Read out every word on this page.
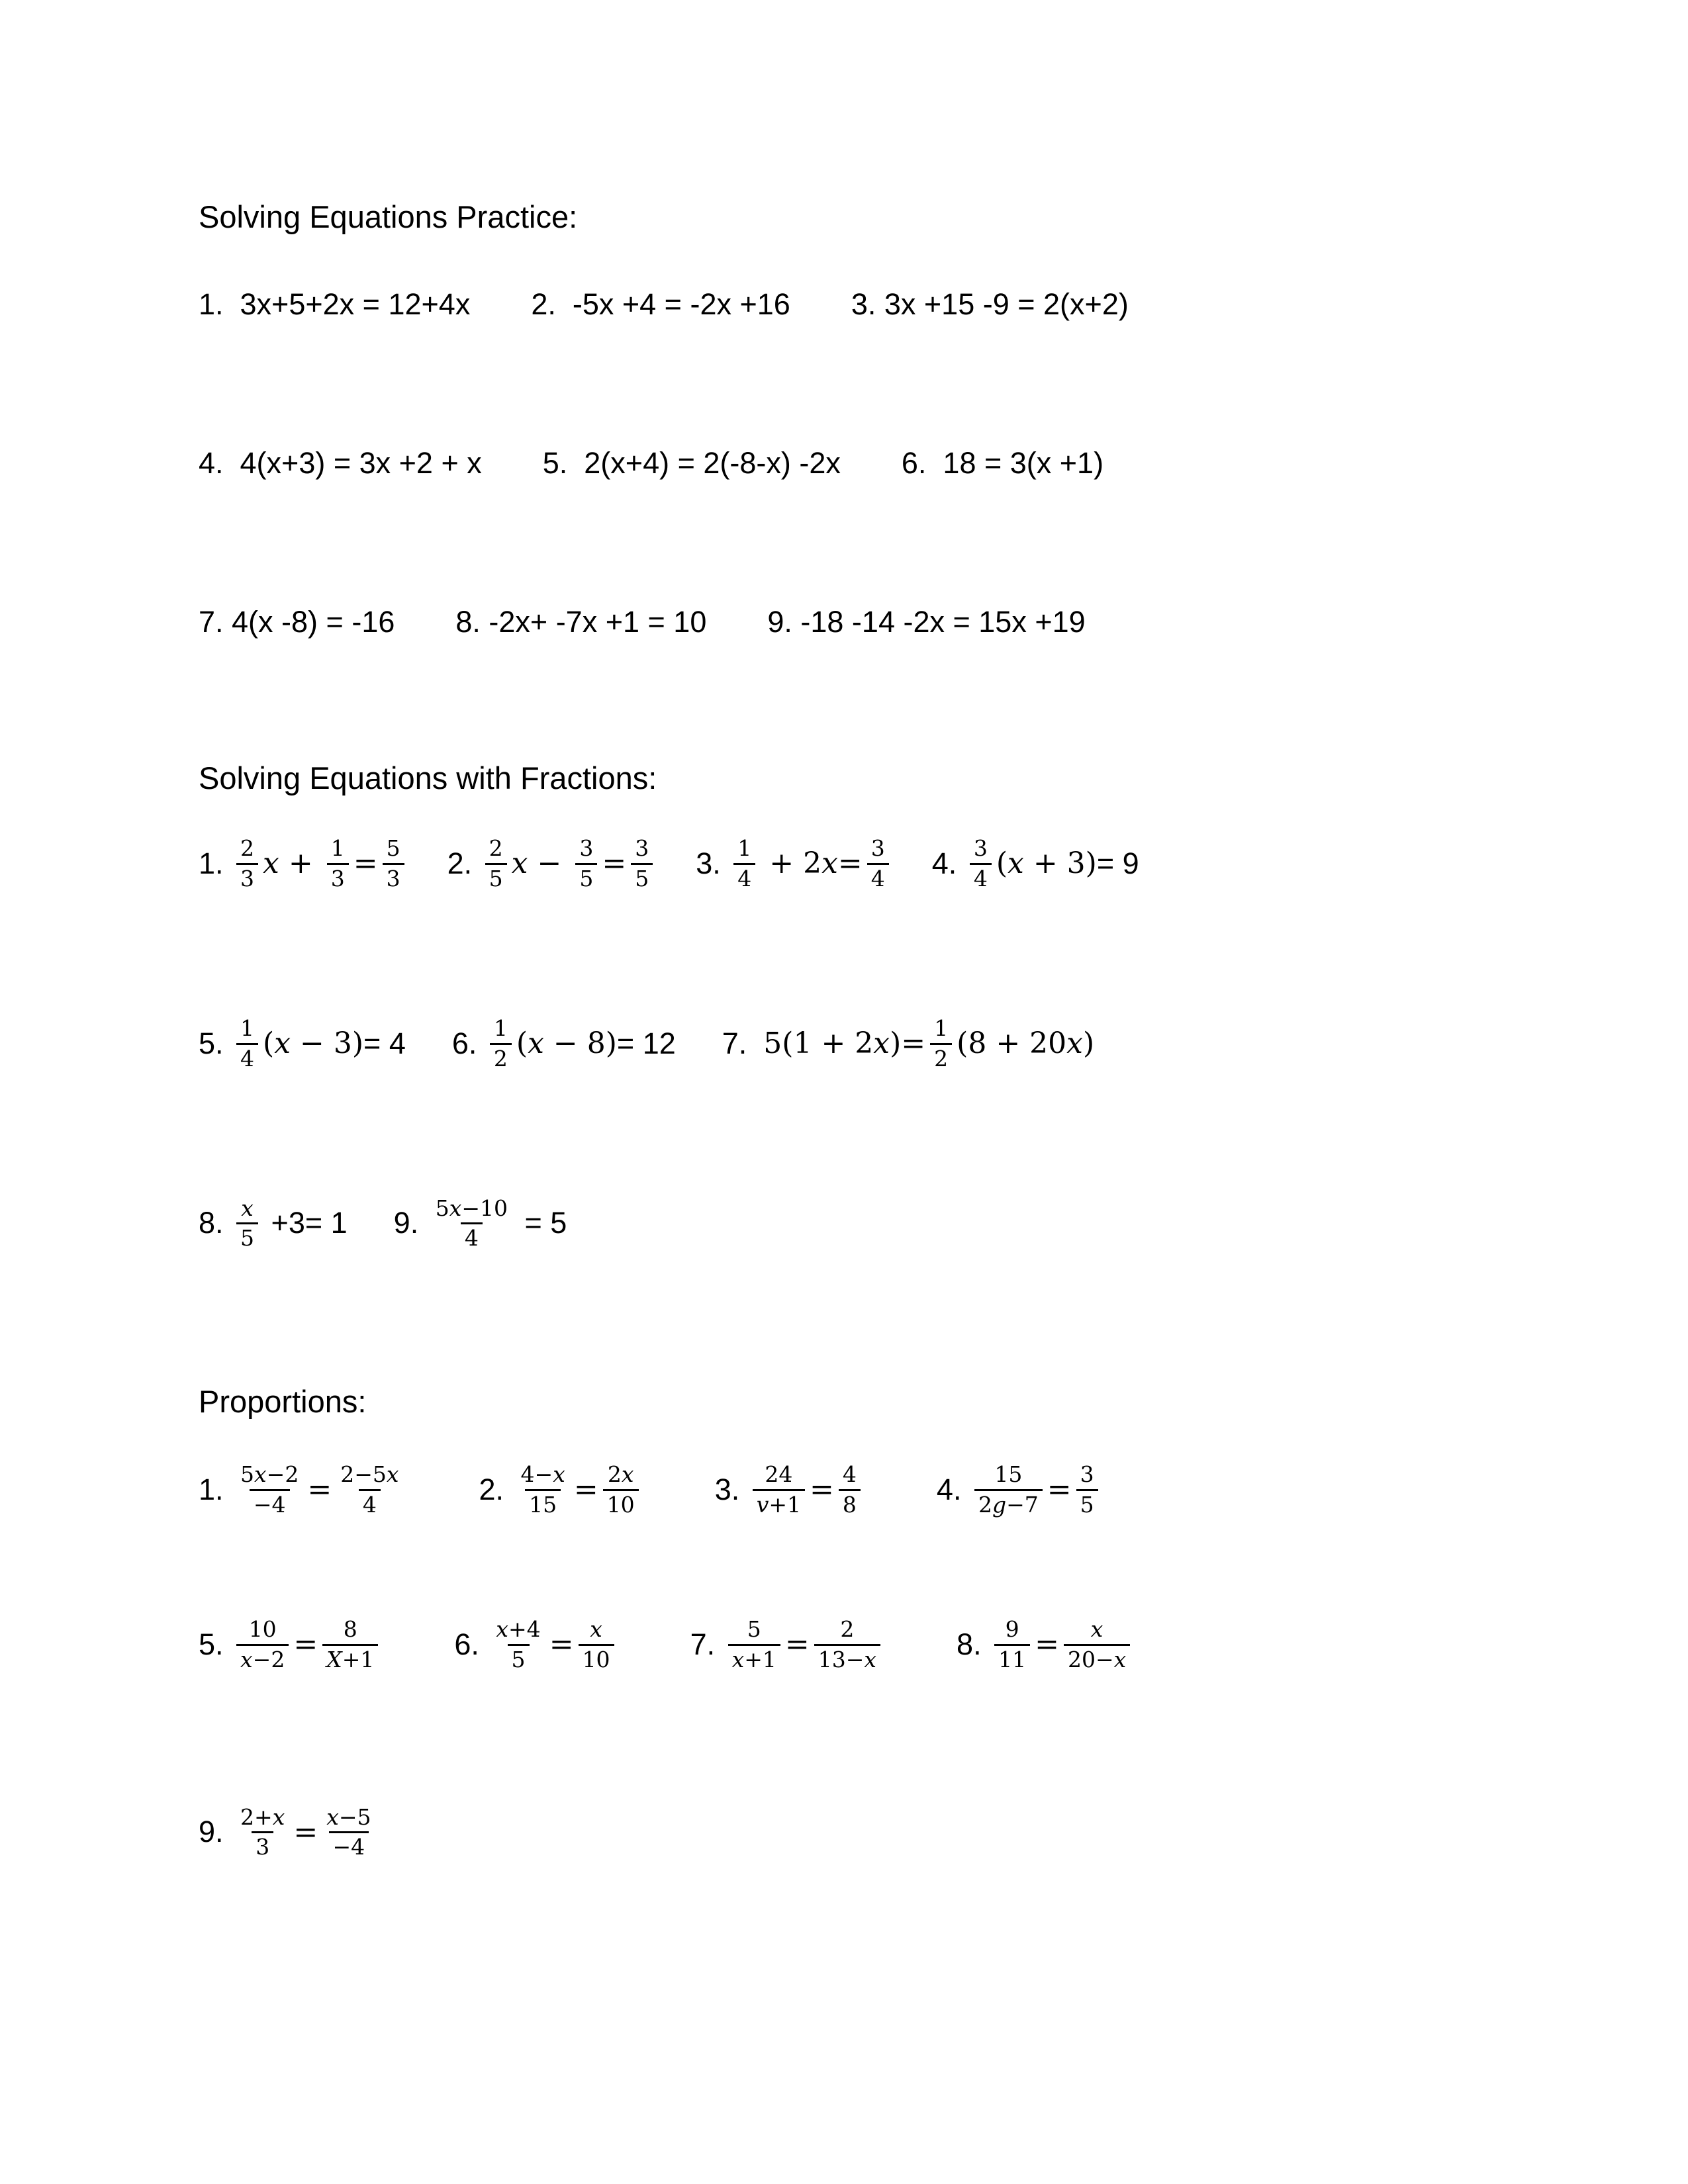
Solving Equations Practice:
1.  3x+5+2x = 12+4x 2.  -5x +4 = -2x +16 3. 3x +15 -9 = 2(x+2)
4.  4(x+3) = 3x +2 + x 5.  2(x+4) = 2(-8-x) -2x 6.  18 = 3(x +1)
7. 4(x -8) = -16 8. -2x+ -7x +1 = 10 9. -18 -14 -2x = 15x +19
Solving Equations with Fractions:
1. $\frac{2}{3}$ $x + \frac{1}{3} = \frac{5}{3} 2$. $\frac{2}{5}$ $x - \frac{3}{5} = \frac{3}{5} 3$. $\frac{1}{4} + 2x= \frac{3}{4} 4$. $\frac{3}{4} (x + 3) = 9$
5. $\frac{1}{4} (x - 3) = 4$ 6. $\frac{1}{2} (x - 8) = 12$ 7. $5(1 + 2x)= \frac{1}{2} (8 + 20x)$
8. $\frac{x}{5} +3= 1$ 9. $\frac{5x-10}{4} = 5$
Proportions:
1. $\frac{5x-2}{-4} = \frac{2-5x}{4}$	2. $\frac{4-x}{15} = \frac{2x}{10}$	3. $\frac{24}{v+1} = \frac{4}{8}$	4. $\frac{15}{2g-7} = \frac{3}{5}$
5. $\frac{10}{x-2} = \frac{8}{X+1}$	6. $\frac{x+4}{5} = \frac{x}{10}$	7. $\frac{5}{x+1} = \frac{2}{13-x}$	8. $\frac{9}{11} = \frac{x}{20-x}$
9. $\frac{2+x}{3} = \frac{x-5}{-4}$
